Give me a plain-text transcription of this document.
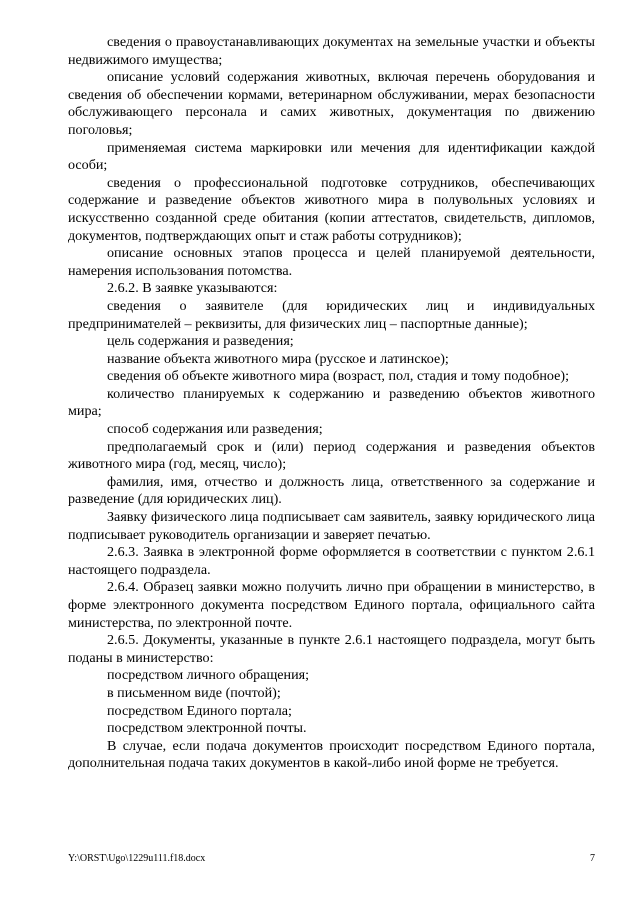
сведения о правоустанавливающих документах на земельные участки и объекты недвижимого имущества;

описание условий содержания животных, включая перечень оборудования и сведения об обеспечении кормами, ветеринарном обслуживании, мерах безопасности обслуживающего персонала и самих животных, документация по движению поголовья;

применяемая система маркировки или мечения для идентификации каждой особи;

сведения о профессиональной подготовке сотрудников, обеспечивающих содержание и разведение объектов животного мира в полувольных условиях и искусственно созданной среде обитания (копии аттестатов, свидетельств, дипломов, документов, подтверждающих опыт и стаж работы сотрудников);

описание основных этапов процесса и целей планируемой деятельности, намерения использования потомства.

2.6.2. В заявке указываются:

сведения о заявителе (для юридических лиц и индивидуальных предпринимателей – реквизиты, для физических лиц – паспортные данные);

цель содержания и разведения;

название объекта животного мира (русское и латинское);

сведения об объекте животного мира (возраст, пол, стадия и тому подобное);

количество планируемых к содержанию и разведению объектов животного мира;

способ содержания или разведения;

предполагаемый срок и (или) период содержания и разведения объектов животного мира (год, месяц, число);

фамилия, имя, отчество и должность лица, ответственного за содержание и разведение (для юридических лиц).

Заявку физического лица подписывает сам заявитель, заявку юридического лица подписывает руководитель организации и заверяет печатью.

2.6.3. Заявка в электронной форме оформляется в соответствии с пунктом 2.6.1 настоящего подраздела.

2.6.4. Образец заявки можно получить лично при обращении в министерство, в форме электронного документа посредством Единого портала, официального сайта министерства, по электронной почте.

2.6.5. Документы, указанные в пункте 2.6.1 настоящего подраздела, могут быть поданы в министерство:

посредством личного обращения;

в письменном виде (почтой);

посредством Единого портала;

посредством электронной почты.

В случае, если подача документов происходит посредством Единого портала, дополнительная подача таких документов в какой-либо иной форме не требуется.

Y:\ORST\Ugo\1229u111.f18.docx	7
